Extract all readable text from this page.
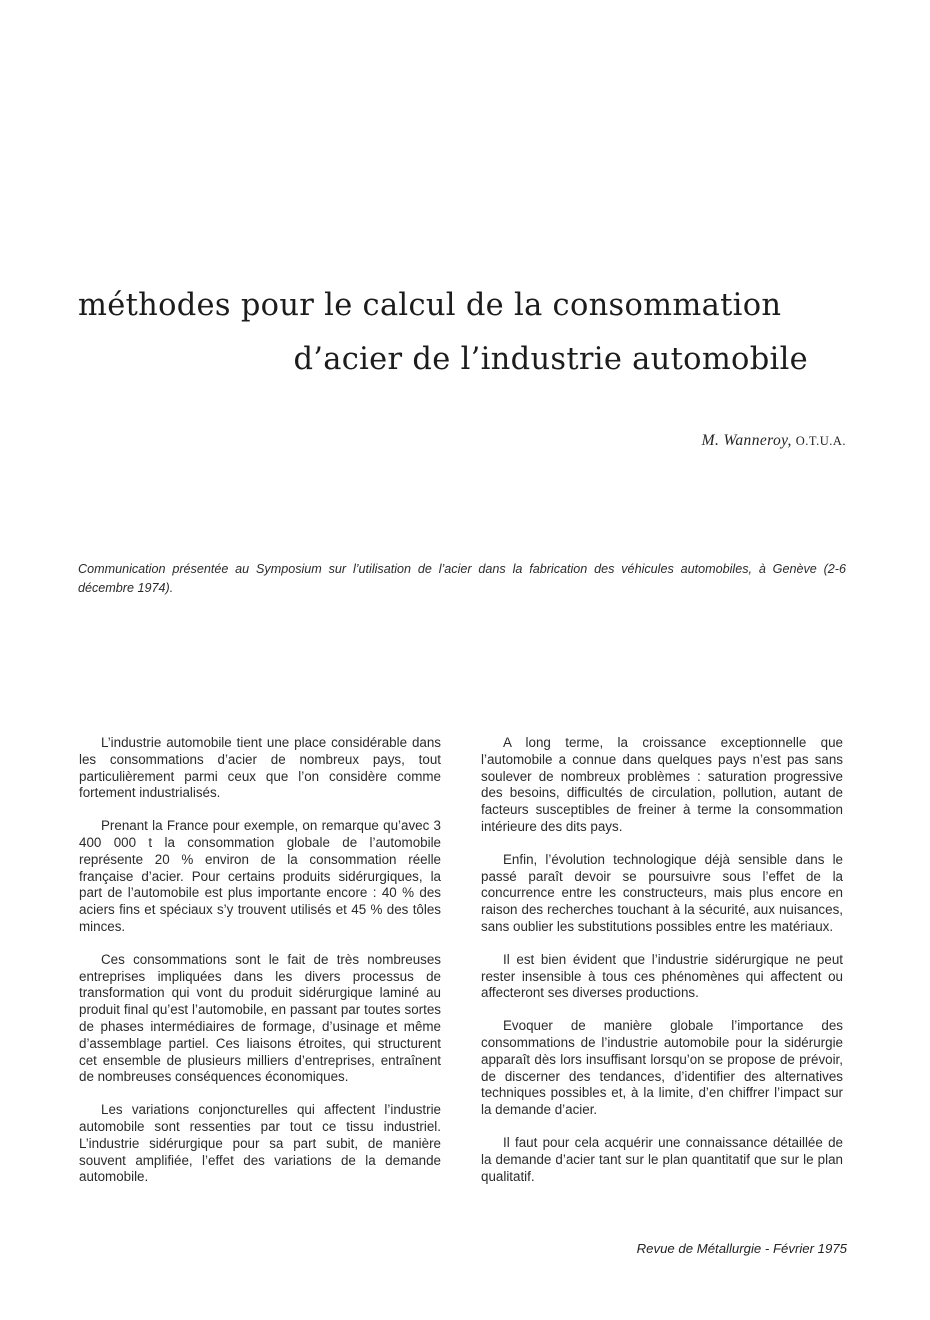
méthodes pour le calcul de la consommation
d’acier de l’industrie automobile
M. Wanneroy, O.T.U.A.
Communication présentée au Symposium sur l’utilisation de l’acier dans la fabrication des véhicules automobiles, à Genève (2-6 décembre 1974).

L’industrie automobile tient une place considérable dans les consommations d’acier de nombreux pays, tout particulièrement parmi ceux que l’on considère comme fortement industrialisés.

Prenant la France pour exemple, on remarque qu’avec 3 400 000 t la consommation globale de l’automobile représente 20 % environ de la consommation réelle française d’acier. Pour certains produits sidérurgiques, la part de l’automobile est plus importante encore : 40 % des aciers fins et spéciaux s’y trouvent utilisés et 45 % des tôles minces.

Ces consommations sont le fait de très nombreuses entreprises impliquées dans les divers processus de transformation qui vont du produit sidérurgique laminé au produit final qu’est l’automobile, en passant par toutes sortes de phases intermédiaires de formage, d’usinage et même d’assemblage partiel. Ces liaisons étroites, qui structurent cet ensemble de plusieurs milliers d’entreprises, entraînent de nombreuses conséquences économiques.

Les variations conjoncturelles qui affectent l’industrie automobile sont ressenties par tout ce tissu industriel. L’industrie sidérurgique pour sa part subit, de manière souvent amplifiée, l’effet des variations de la demande automobile.

A long terme, la croissance exceptionnelle que l’automobile a connue dans quelques pays n’est pas sans soulever de nombreux problèmes : saturation progressive des besoins, difficultés de circulation, pollution, autant de facteurs susceptibles de freiner à terme la consommation intérieure des dits pays.

Enfin, l’évolution technologique déjà sensible dans le passé paraît devoir se poursuivre sous l’effet de la concurrence entre les constructeurs, mais plus encore en raison des recherches touchant à la sécurité, aux nuisances, sans oublier les substitutions possibles entre les matériaux.

Il est bien évident que l’industrie sidérurgique ne peut rester insensible à tous ces phénomènes qui affectent ou affecteront ses diverses productions.

Evoquer de manière globale l’importance des consommations de l’industrie automobile pour la sidérurgie apparaît dès lors insuffisant lorsqu’on se propose de prévoir, de discerner des tendances, d’identifier des alternatives techniques possibles et, à la limite, d’en chiffrer l’impact sur la demande d’acier.

Il faut pour cela acquérir une connaissance détaillée de la demande d’acier tant sur le plan quantitatif que sur le plan qualitatif.

Revue de Métallurgie - Février 1975
